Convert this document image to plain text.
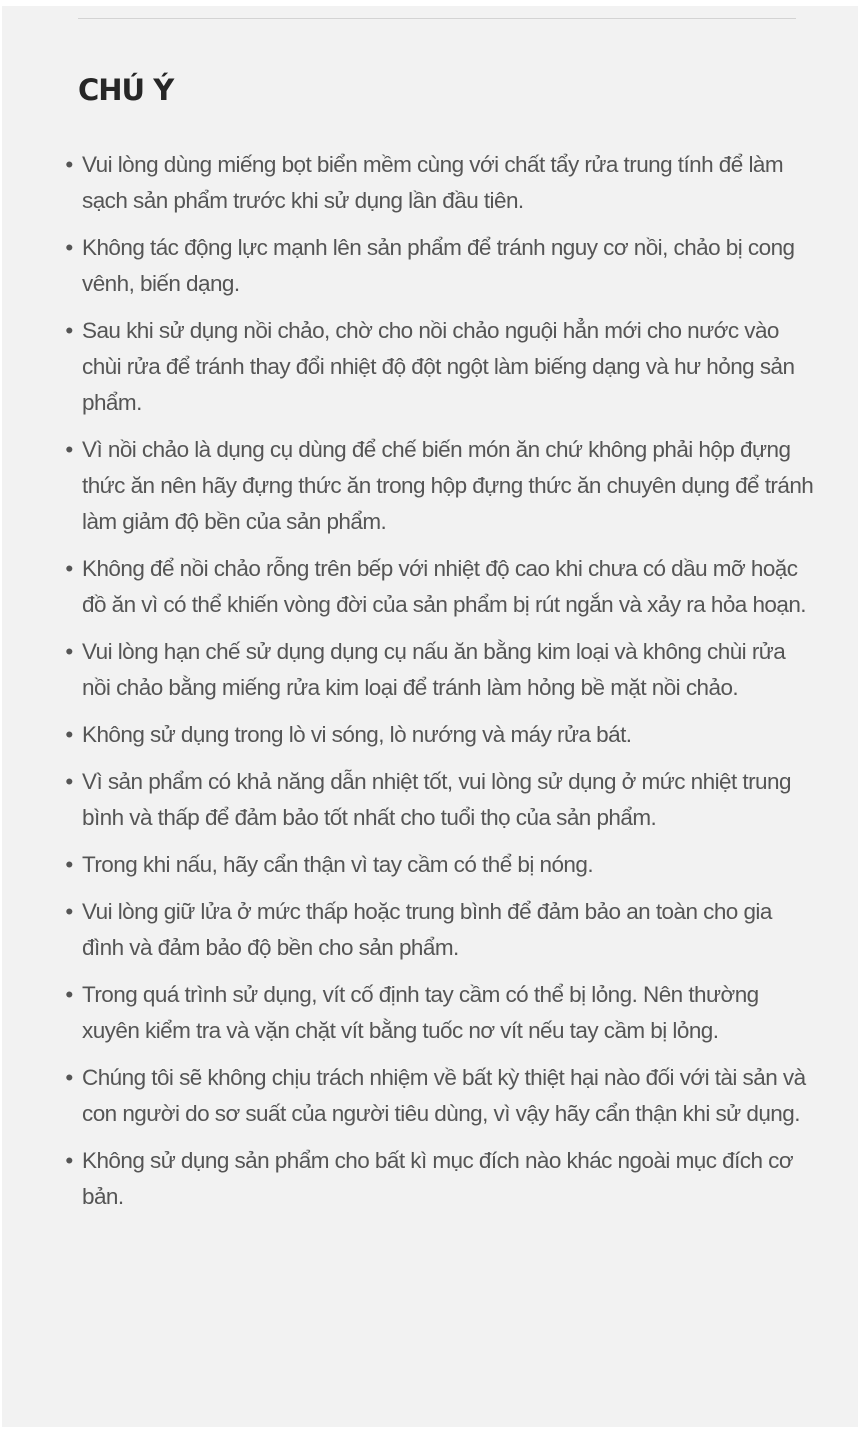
CHÚ Ý
• Vui lòng dùng miếng bọt biển mềm cùng với chất tẩy rửa trung tính để làm sạch sản phẩm trước khi sử dụng lần đầu tiên.
• Không tác động lực mạnh lên sản phẩm để tránh nguy cơ nồi, chảo bị cong vênh, biến dạng.
• Sau khi sử dụng nồi chảo, chờ cho nồi chảo nguội hẳn mới cho nước vào chùi rửa để tránh thay đổi nhiệt độ đột ngột làm biếng dạng và hư hỏng sản phẩm.
• Vì nồi chảo là dụng cụ dùng để chế biến món ăn chứ không phải hộp đựng thức ăn nên hãy đựng thức ăn trong hộp đựng thức ăn chuyên dụng để tránh làm giảm độ bền của sản phẩm.
• Không để nồi chảo rỗng trên bếp với nhiệt độ cao khi chưa có dầu mỡ hoặc đồ ăn vì có thể khiến vòng đời của sản phẩm bị rút ngắn và xảy ra hỏa hoạn.
• Vui lòng hạn chế sử dụng dụng cụ nấu ăn bằng kim loại và không chùi rửa nồi chảo bằng miếng rửa kim loại để tránh làm hỏng bề mặt nồi chảo.
• Không sử dụng trong lò vi sóng, lò nướng và máy rửa bát.
• Vì sản phẩm có khả năng dẫn nhiệt tốt, vui lòng sử dụng ở mức nhiệt trung bình và thấp để đảm bảo tốt nhất cho tuổi thọ của sản phẩm.
• Trong khi nấu, hãy cẩn thận vì tay cầm có thể bị nóng.
• Vui lòng giữ lửa ở mức thấp hoặc trung bình để đảm bảo an toàn cho gia đình và đảm bảo độ bền cho sản phẩm.
• Trong quá trình sử dụng, vít cố định tay cầm có thể bị lỏng. Nên thường xuyên kiểm tra và vặn chặt vít bằng tuốc nơ vít nếu tay cầm bị lỏng.
• Chúng tôi sẽ không chịu trách nhiệm về bất kỳ thiệt hại nào đối với tài sản và con người do sơ suất của người tiêu dùng, vì vậy hãy cẩn thận khi sử dụng.
• Không sử dụng sản phẩm cho bất kì mục đích nào khác ngoài mục đích cơ bản.
